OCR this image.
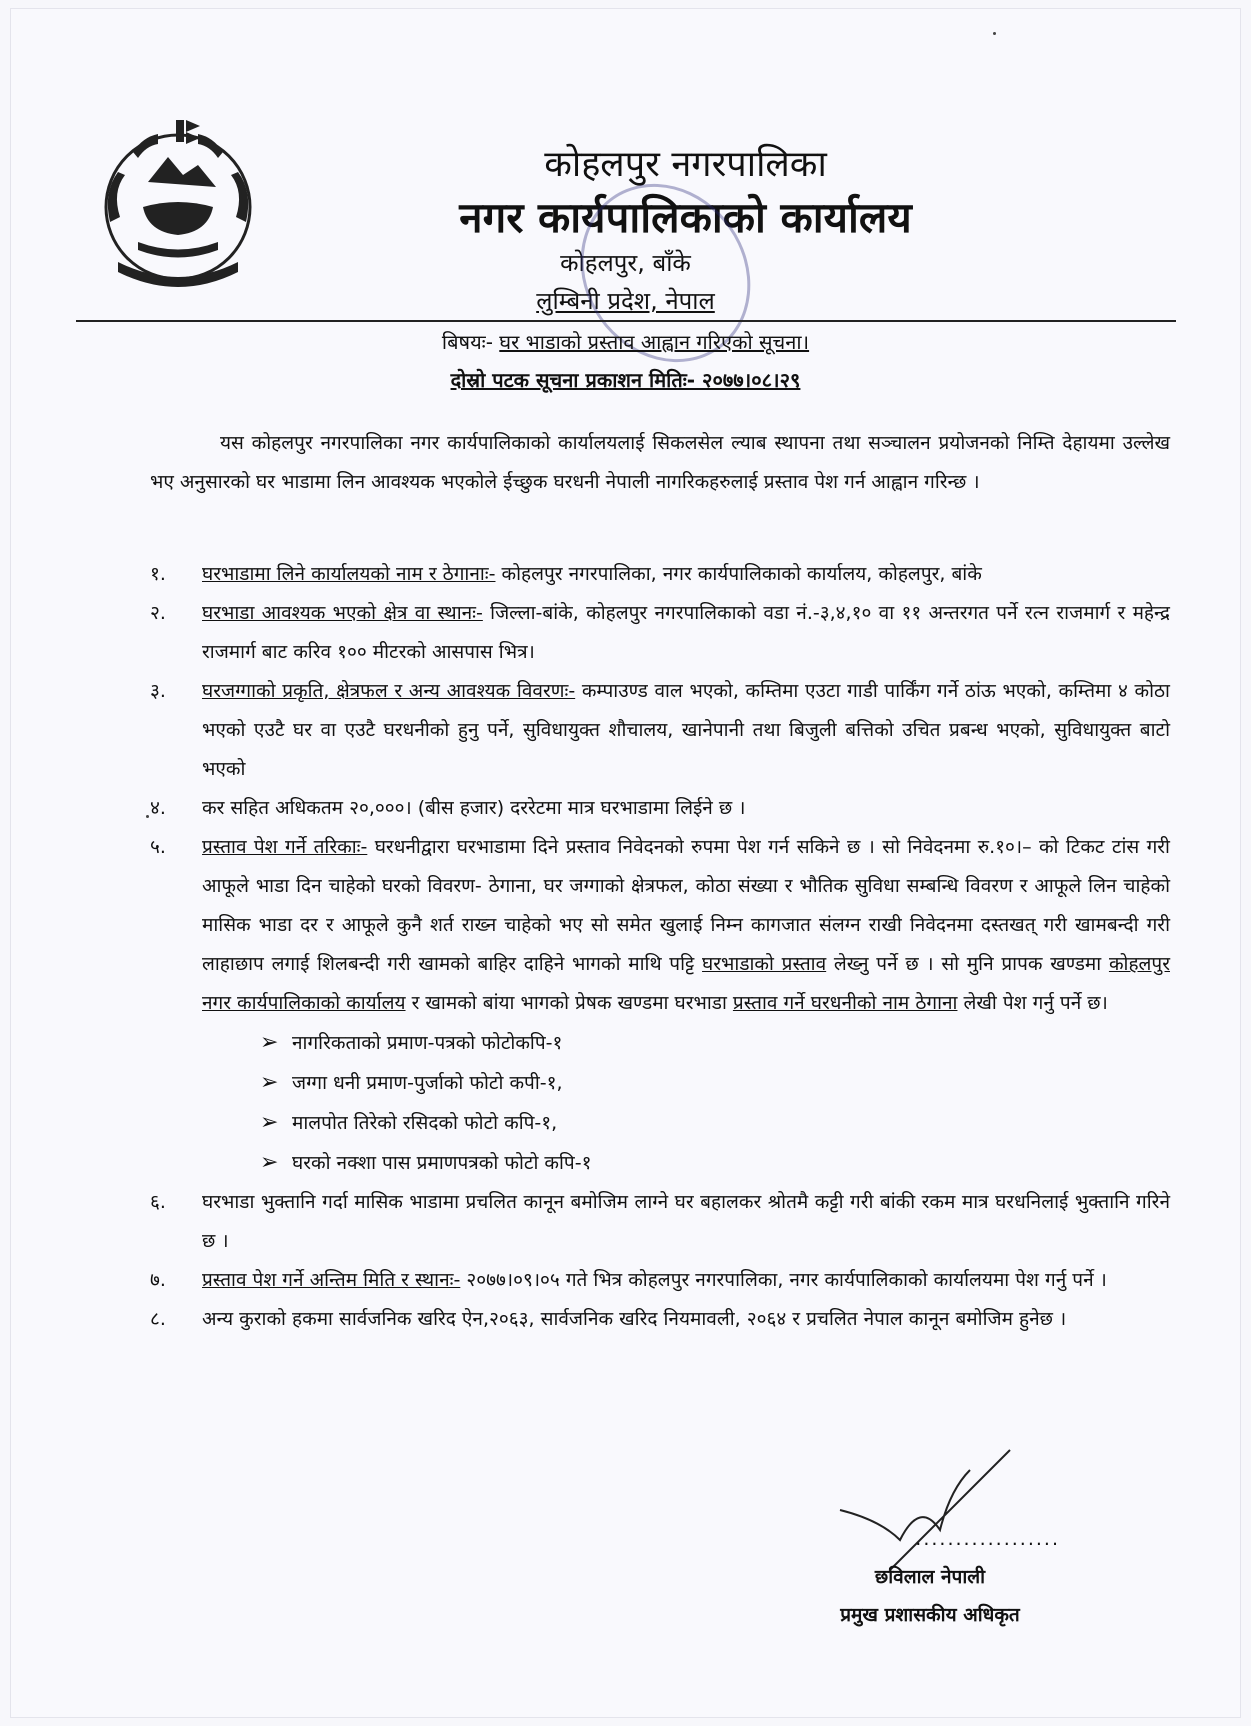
कोहलपुर नगरपालिका
नगर कार्यपालिकाको कार्यालय
कोहलपुर, बाँके
लुम्बिनी प्रदेश, नेपाल
बिषयः- घर भाडाको प्रस्ताव आह्वान गरिएको सूचना।
दोस्रो पटक सूचना प्रकाशन मितिः- २०७७।०८।२९
यस कोहलपुर नगरपालिका नगर कार्यपालिकाको कार्यालयलाई सिकलसेल ल्याब स्थापना तथा सञ्चालन प्रयोजनको निम्ति देहायमा उल्लेख भए अनुसारको घर भाडामा लिन आवश्यक भएकोले ईच्छुक घरधनी नेपाली नागरिकहरुलाई प्रस्ताव पेश गर्न आह्वान गरिन्छ ।
१.	घरभाडामा लिने कार्यालयको नाम र ठेगानाः- कोहलपुर नगरपालिका, नगर कार्यपालिकाको कार्यालय, कोहलपुर, बांके
२.	घरभाडा आवश्यक भएको क्षेत्र वा स्थानः- जिल्ला-बांके, कोहलपुर नगरपालिकाको वडा नं.-३,४,१० वा ११ अन्तरगत पर्ने रत्न राजमार्ग र महेन्द्र राजमार्ग बाट करिव १०० मीटरको आसपास भित्र।
३.	घरजग्गाको प्रकृति, क्षेत्रफल र अन्य आवश्यक विवरणः- कम्पाउण्ड वाल भएको, कम्तिमा एउटा गाडी पार्किंग गर्ने ठांऊ भएको, कम्तिमा ४ कोठा भएको एउटै घर वा एउटै घरधनीको हुनु पर्ने, सुविधायुक्त शौचालय, खानेपानी तथा बिजुली बत्तिको उचित प्रबन्ध भएको, सुविधायुक्त बाटो भएको
४.	कर सहित अधिकतम २०,०००। (बीस हजार) दररेटमा मात्र घरभाडामा लिईने छ ।
५.	प्रस्ताव पेश गर्ने तरिकाः- घरधनीद्वारा घरभाडामा दिने प्रस्ताव निवेदनको रुपमा पेश गर्न सकिने छ । सो निवेदनमा रु.१०।– को टिकट टांस गरी आफूले भाडा दिन चाहेको घरको विवरण- ठेगाना, घर जग्गाको क्षेत्रफल, कोठा संख्या र भौतिक सुविधा सम्बन्धि विवरण र आफूले लिन चाहेको मासिक भाडा दर र आफूले कुनै शर्त राख्न चाहेको भए सो समेत खुलाई निम्न कागजात संलग्न राखी निवेदनमा दस्तखत् गरी खामबन्दी गरी लाहाछाप लगाई शिलबन्दी गरी खामको बाहिर दाहिने भागको माथि पट्टि घरभाडाको प्रस्ताव लेख्नु पर्ने छ । सो मुनि प्रापक खण्डमा कोहलपुर नगर कार्यपालिकाको कार्यालय र खामको बांया भागको प्रेषक खण्डमा घरभाडा प्रस्ताव गर्ने घरधनीको नाम ठेगाना लेखी पेश गर्नु पर्ने छ।
➢ नागरिकताको प्रमाण-पत्रको फोटोकपि-१
➢ जग्गा धनी प्रमाण-पुर्जाको फोटो कपी-१,
➢ मालपोत तिरेको रसिदको फोटो कपि-१,
➢ घरको नक्शा पास प्रमाणपत्रको फोटो कपि-१
६.	घरभाडा भुक्तानि गर्दा मासिक भाडामा प्रचलित कानून बमोजिम लाग्ने घर बहालकर श्रोतमै कट्टी गरी बांकी रकम मात्र घरधनिलाई भुक्तानि गरिने छ ।
७.	प्रस्ताव पेश गर्ने अन्तिम मिति र स्थानः- २०७७।०९।०५ गते भित्र कोहलपुर नगरपालिका, नगर कार्यपालिकाको कार्यालयमा पेश गर्नु पर्ने ।
८.	अन्य कुराको हकमा सार्वजनिक खरिद ऐन,२०६३, सार्वजनिक खरिद नियमावली, २०६४ र प्रचलित नेपाल कानून बमोजिम हुनेछ ।
..................
छविलाल नेपाली
प्रमुख प्रशासकीय अधिकृत
